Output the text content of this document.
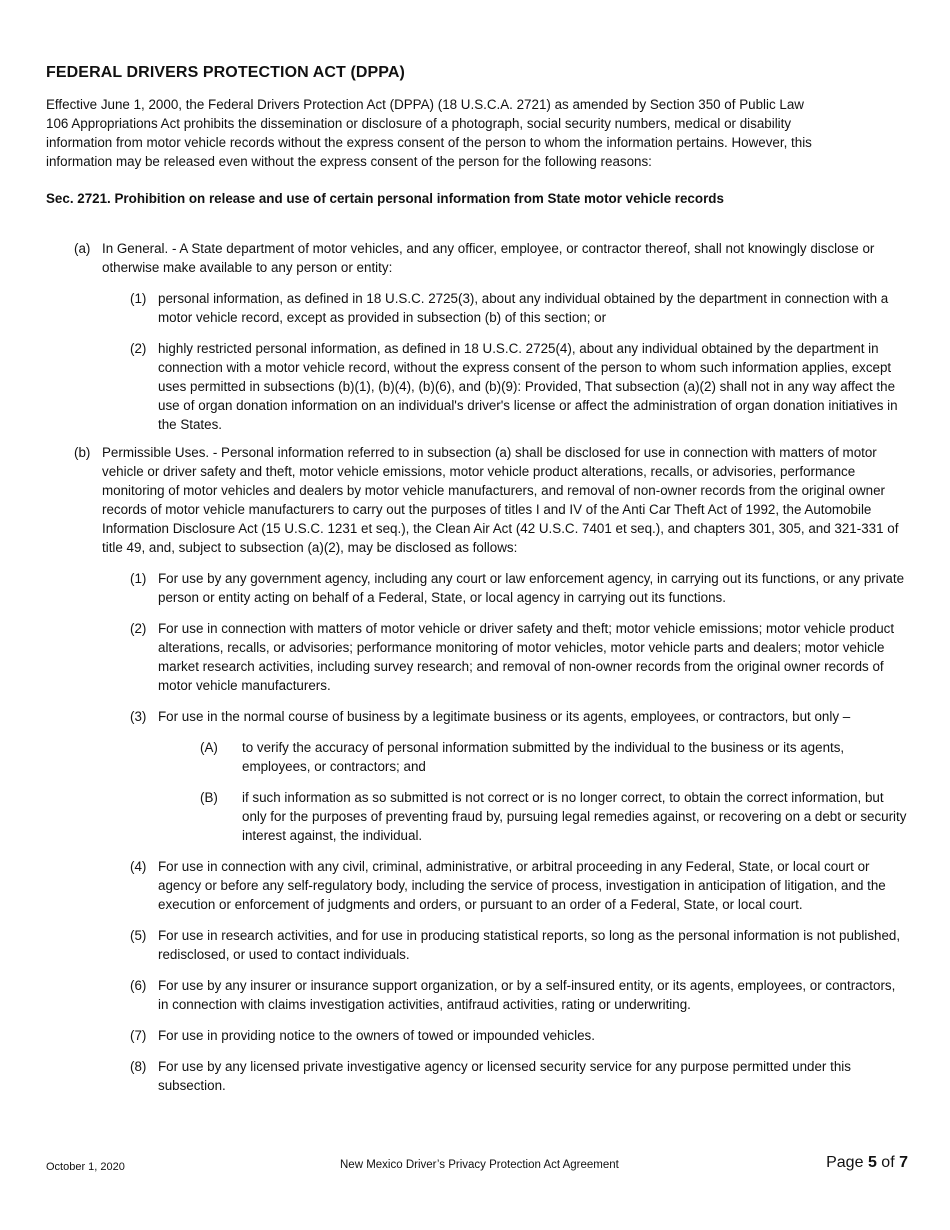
FEDERAL DRIVERS PROTECTION ACT (DPPA)

Effective June 1, 2000, the Federal Drivers Protection Act (DPPA) (18 U.S.C.A. 2721) as amended by Section 350 of Public Law 106 Appropriations Act prohibits the dissemination or disclosure of a photograph, social security numbers, medical or disability information from motor vehicle records without the express consent of the person to whom the information pertains. However, this information may be released even without the express consent of the person for the following reasons:

Sec. 2721. Prohibition on release and use of certain personal information from State motor vehicle records
(a) In General. - A State department of motor vehicles, and any officer, employee, or contractor thereof, shall not knowingly disclose or otherwise make available to any person or entity:
(1) personal information, as defined in 18 U.S.C. 2725(3), about any individual obtained by the department in connection with a motor vehicle record, except as provided in subsection (b) of this section; or
(2) highly restricted personal information, as defined in 18 U.S.C. 2725(4), about any individual obtained by the department in connection with a motor vehicle record, without the express consent of the person to whom such information applies, except uses permitted in subsections (b)(1), (b)(4), (b)(6), and (b)(9): Provided, That subsection (a)(2) shall not in any way affect the use of organ donation information on an individual's driver's license or affect the administration of organ donation initiatives in the States.
(b) Permissible Uses. - Personal information referred to in subsection (a) shall be disclosed for use in connection with matters of motor vehicle or driver safety and theft, motor vehicle emissions, motor vehicle product alterations, recalls, or advisories, performance monitoring of motor vehicles and dealers by motor vehicle manufacturers, and removal of non-owner records from the original owner records of motor vehicle manufacturers to carry out the purposes of titles I and IV of the Anti Car Theft Act of 1992, the Automobile Information Disclosure Act (15 U.S.C. 1231 et seq.), the Clean Air Act (42 U.S.C. 7401 et seq.), and chapters 301, 305, and 321-331 of title 49, and, subject to subsection (a)(2), may be disclosed as follows:
(1) For use by any government agency, including any court or law enforcement agency, in carrying out its functions, or any private person or entity acting on behalf of a Federal, State, or local agency in carrying out its functions.
(2) For use in connection with matters of motor vehicle or driver safety and theft; motor vehicle emissions; motor vehicle product alterations, recalls, or advisories; performance monitoring of motor vehicles, motor vehicle parts and dealers; motor vehicle market research activities, including survey research; and removal of non-owner records from the original owner records of motor vehicle manufacturers.
(3) For use in the normal course of business by a legitimate business or its agents, employees, or contractors, but only –
(A) to verify the accuracy of personal information submitted by the individual to the business or its agents, employees, or contractors; and
(B) if such information as so submitted is not correct or is no longer correct, to obtain the correct information, but only for the purposes of preventing fraud by, pursuing legal remedies against, or recovering on a debt or security interest against, the individual.
(4) For use in connection with any civil, criminal, administrative, or arbitral proceeding in any Federal, State, or local court or agency or before any self-regulatory body, including the service of process, investigation in anticipation of litigation, and the execution or enforcement of judgments and orders, or pursuant to an order of a Federal, State, or local court.
(5) For use in research activities, and for use in producing statistical reports, so long as the personal information is not published, redisclosed, or used to contact individuals.
(6) For use by any insurer or insurance support organization, or by a self-insured entity, or its agents, employees, or contractors, in connection with claims investigation activities, antifraud activities, rating or underwriting.
(7) For use in providing notice to the owners of towed or impounded vehicles.
(8) For use by any licensed private investigative agency or licensed security service for any purpose permitted under this subsection.
October 1, 2020	New Mexico Driver’s Privacy Protection Act Agreement	Page 5 of 7
